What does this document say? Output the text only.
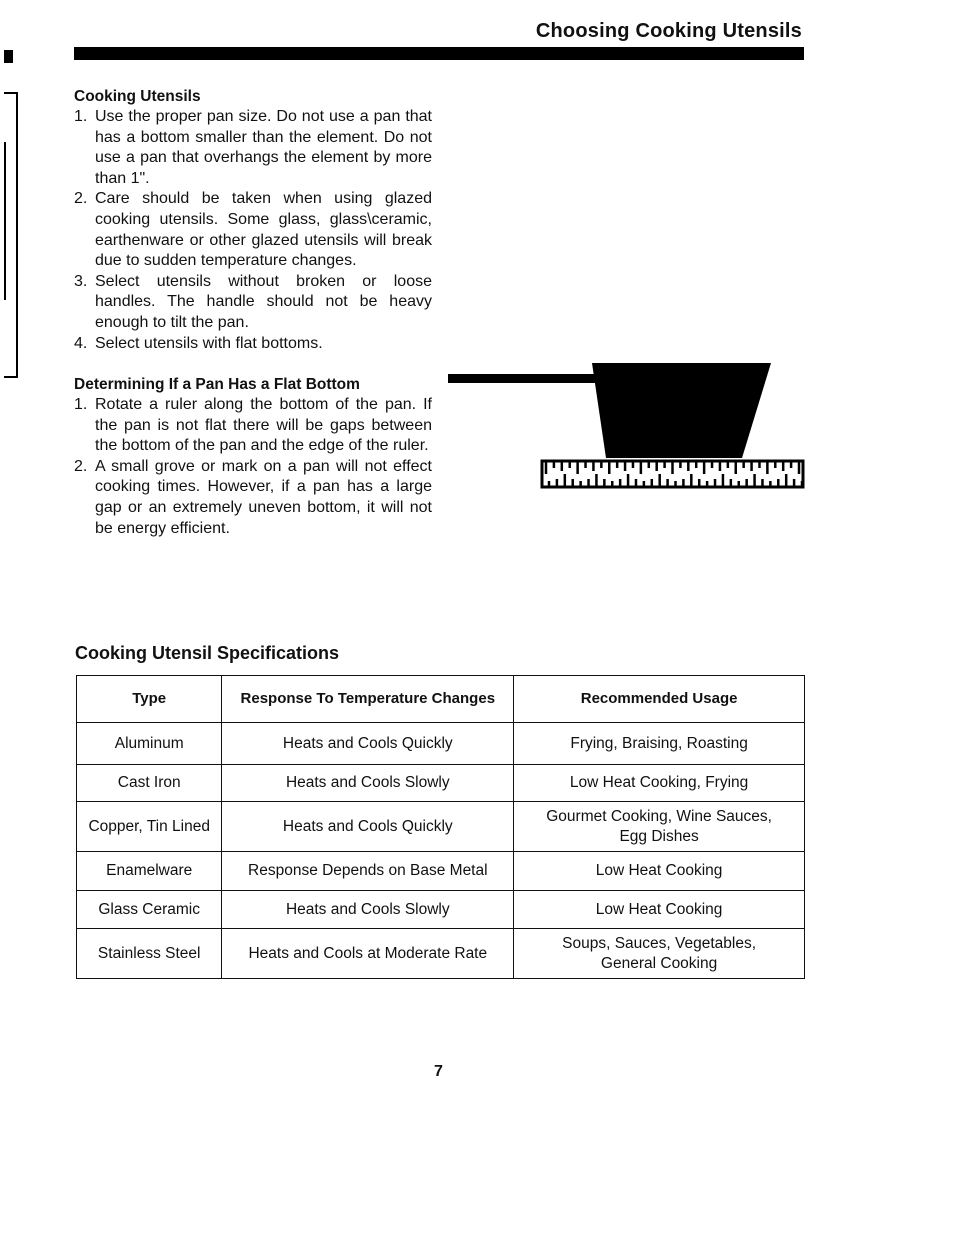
Choosing Cooking Utensils
Cooking Utensils
1. Use the proper pan size. Do not use a pan that has a bottom smaller than the element. Do not use a pan that overhangs the element by more than 1".
2. Care should be taken when using glazed cooking utensils. Some glass, glass\ceramic, earthenware or other glazed utensils will break due to sudden temperature changes.
3. Select utensils without broken or loose handles. The handle should not be heavy enough to tilt the pan.
4. Select utensils with flat bottoms.
Determining If a Pan Has a Flat Bottom
1. Rotate a ruler along the bottom of the pan. If the pan is not flat there will be gaps between the bottom of the pan and the edge of the ruler.
2. A small grove or mark on a pan will not effect cooking times. However, if a pan has a large gap or an extremely uneven bottom, it will not be energy efficient.
Cooking Utensil Specifications
Type	Response To Temperature Changes	Recommended Usage
Aluminum	Heats and Cools Quickly	Frying, Braising, Roasting
Cast Iron	Heats and Cools Slowly	Low Heat Cooking, Frying
Copper, Tin Lined	Heats and Cools Quickly	Gourmet Cooking, Wine Sauces, Egg Dishes
Enamelware	Response Depends on Base Metal	Low Heat Cooking
Glass Ceramic	Heats and Cools Slowly	Low Heat Cooking
Stainless Steel	Heats and Cools at Moderate Rate	Soups, Sauces, Vegetables, General Cooking
7
